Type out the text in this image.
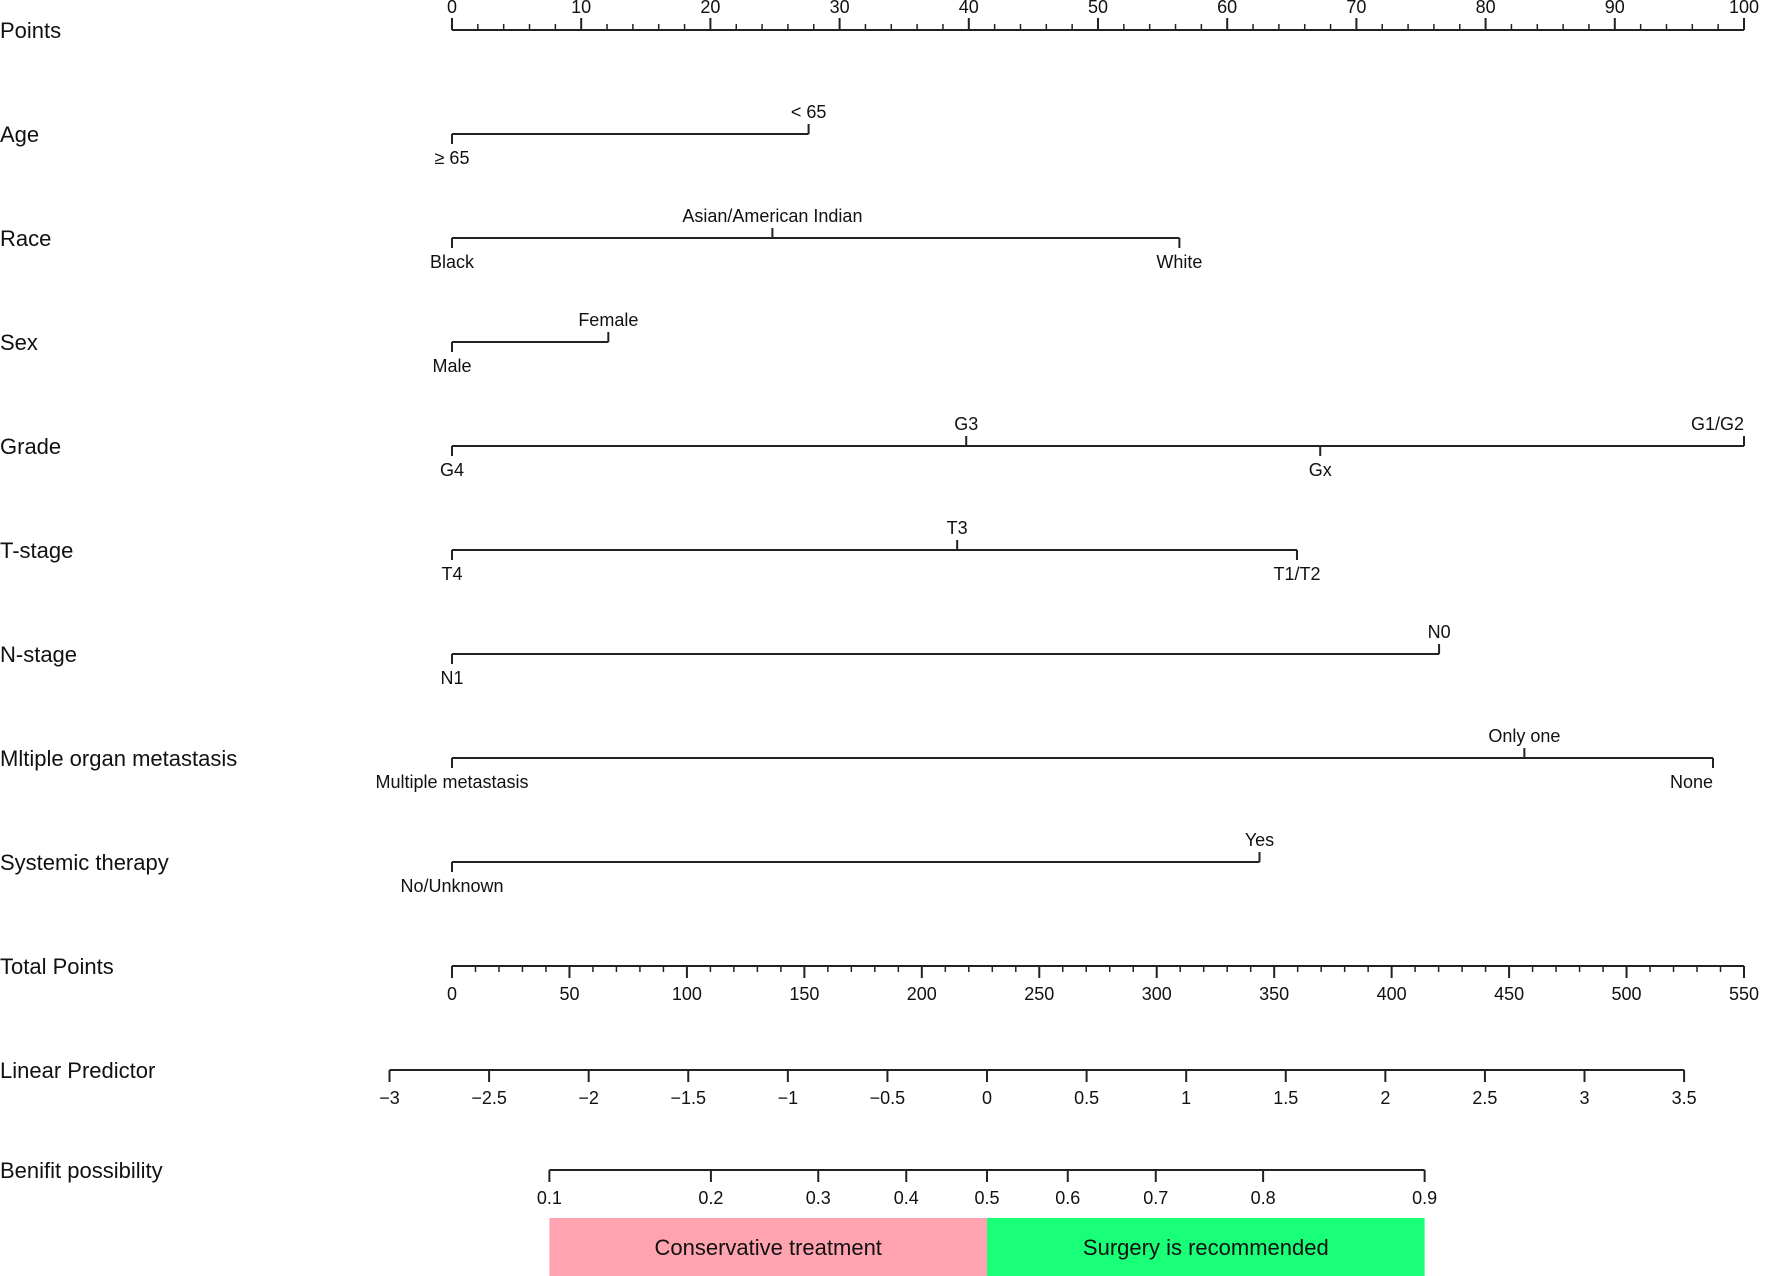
Points
0	10	20	30	40	50	60	70	80	90	100
Age
≥ 65
< 65
Race
Black
Asian/American Indian
White
Sex
Male
Female
Grade
G4
G3
Gx
G1/G2
T-stage
T4
T3
T1/T2
N-stage
N1
N0
Mltiple organ metastasis
Multiple metastasis
Only one
None
Systemic therapy
No/Unknown
Yes
Total Points
0	50	100	150	200	250	300	350	400	450	500	550
Linear Predictor
−3	−2.5	−2	−1.5	−1	−0.5	0	0.5	1	1.5	2	2.5	3	3.5
Benifit possibility
0.1	0.2	0.3	0.4	0.5	0.6	0.7	0.8	0.9
Conservative treatment	Surgery is recommended
